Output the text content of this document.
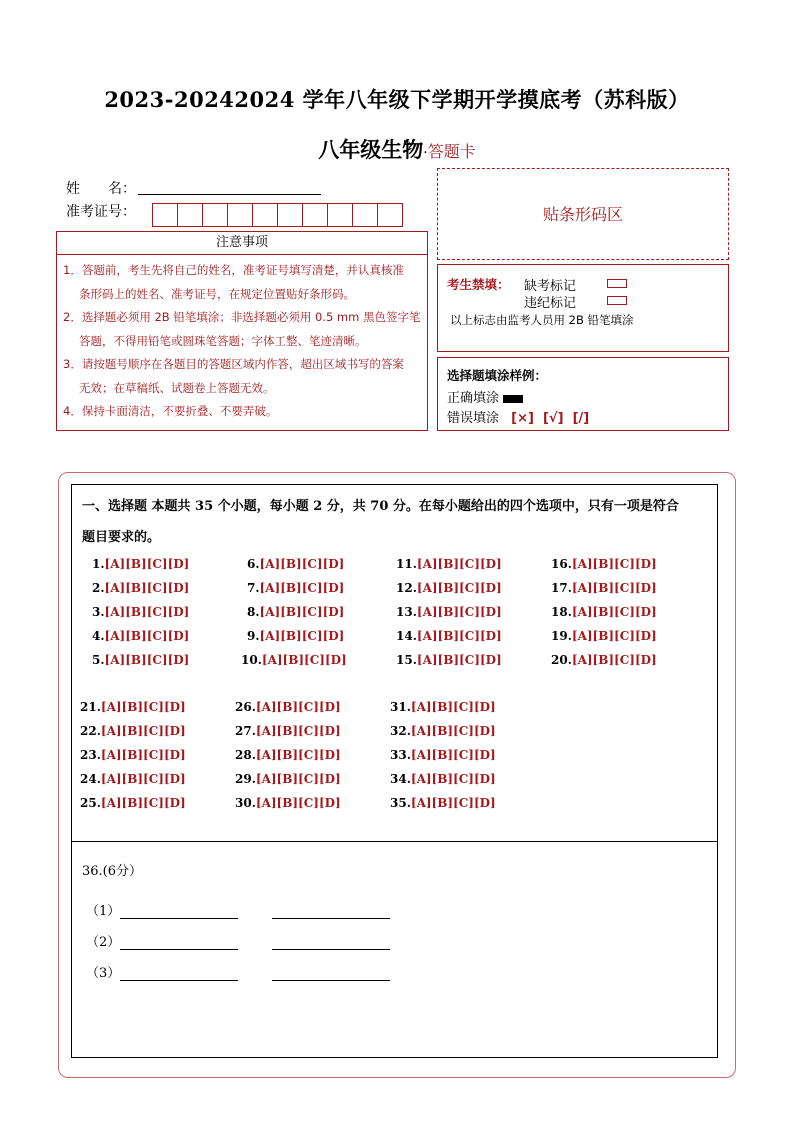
2023-20242024 学年八年级下学期开学摸底考（苏科版）
八年级生物·答题卡
姓　　名：
准考证号：	贴条形码区
注意事项
1．答题前，考生先将自己的姓名，准考证号填写清楚，并认真核准
条形码上的姓名、准考证号，在规定位置贴好条形码。
2．选择题必须用 2B 铅笔填涂；非选择题必须用 0.5 mm 黑色签字笔
答题，不得用铅笔或圆珠笔答题；字体工整、笔迹清晰。
3．请按题号顺序在各题目的答题区域内作答，超出区域书写的答案
无效；在草稿纸、试题卷上答题无效。
4．保持卡面清洁，不要折叠、不要弄破。
考生禁填： 缺考标记
违纪标记
以上标志由监考人员用 2B 铅笔填涂
选择题填涂样例：
正确填涂
错误填涂 [×]  [√]  [/]
一、选择题 本题共 35 个小题，每小题 2 分，共 70 分。在每小题给出的四个选项中，只有一项是符合
题目要求的。
1.[A][B][C][D]
2.[A][B][C][D]
3.[A][B][C][D]
4.[A][B][C][D]
5.[A][B][C][D]
6.[A][B][C][D]
7.[A][B][C][D]
8.[A][B][C][D]
9.[A][B][C][D]
10.[A][B][C][D]
11.[A][B][C][D]
12.[A][B][C][D]
13.[A][B][C][D]
14.[A][B][C][D]
15.[A][B][C][D]
16.[A][B][C][D]
17.[A][B][C][D]
18.[A][B][C][D]
19.[A][B][C][D]
20.[A][B][C][D]
21.[A][B][C][D]
22.[A][B][C][D]
23.[A][B][C][D]
24.[A][B][C][D]
25.[A][B][C][D]
26.[A][B][C][D]
27.[A][B][C][D]
28.[A][B][C][D]
29.[A][B][C][D]
30.[A][B][C][D]
31.[A][B][C][D]
32.[A][B][C][D]
33.[A][B][C][D]
34.[A][B][C][D]
35.[A][B][C][D]
36.(6分）
（1）
（2）
（3）
